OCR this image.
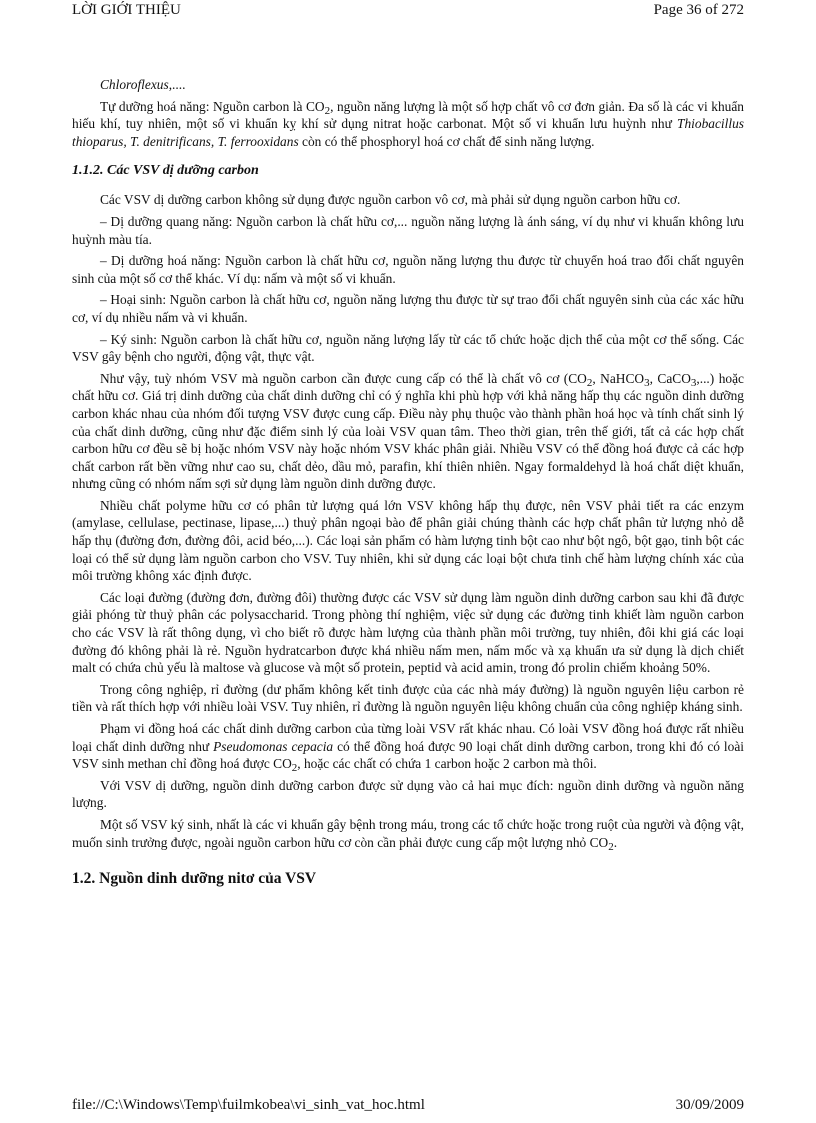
LỜI GIỚI THIỆU	Page 36 of 272

Chloroflexus,....

Tự dưỡng hoá năng: Nguồn carbon là $CO_2$, nguồn năng lượng là một số hợp chất vô cơ đơn giản. Đa số là các vi khuẩn hiếu khí, tuy nhiên, một số vi khuẩn kỵ khí sử dụng nitrat hoặc carbonat. Một số vi khuẩn lưu huỳnh như Thiobacillus thioparus, T. denitrificans, T. ferrooxidans còn có thể phosphoryl hoá cơ chất để sinh năng lượng.

1.1.2. Các VSV dị dưỡng carbon

Các VSV dị dưỡng carbon không sử dụng được nguồn carbon vô cơ, mà phải sử dụng nguồn carbon hữu cơ.

– Dị dưỡng quang năng: Nguồn carbon là chất hữu cơ,... nguồn năng lượng là ánh sáng, ví dụ như vi khuẩn không lưu huỳnh màu tía.

– Dị dưỡng hoá năng: Nguồn carbon là chất hữu cơ, nguồn năng lượng thu được từ chuyển hoá trao đổi chất nguyên sinh của một số cơ thể khác. Ví dụ: nấm và một số vi khuẩn.

– Hoại sinh: Nguồn carbon là chất hữu cơ, nguồn năng lượng thu được từ sự trao đổi chất nguyên sinh của các xác hữu cơ, ví dụ nhiều nấm và vi khuẩn.

– Ký sinh: Nguồn carbon là chất hữu cơ, nguồn năng lượng lấy từ các tổ chức hoặc dịch thể của một cơ thể sống. Các VSV gây bệnh cho người, động vật, thực vật.

Như vậy, tuỳ nhóm VSV mà nguồn carbon cần được cung cấp có thể là chất vô cơ ($CO_2$, NaHCO$_3$, CaCO$_3$,...) hoặc chất hữu cơ. Giá trị dinh dưỡng của chất dinh dưỡng chỉ có ý nghĩa khi phù hợp với khả năng hấp thụ các nguồn dinh dưỡng carbon khác nhau của nhóm đối tượng VSV được cung cấp. Điều này phụ thuộc vào thành phần hoá học và tính chất sinh lý của chất dinh dưỡng, cũng như đặc điểm sinh lý của loài VSV quan tâm. Theo thời gian, trên thế giới, tất cả các hợp chất carbon hữu cơ đều sẽ bị hoặc nhóm VSV này hoặc nhóm VSV khác phân giải. Nhiều VSV có thể đồng hoá được cả các hợp chất carbon rất bền vững như cao su, chất dẻo, dầu mỏ, parafin, khí thiên nhiên. Ngay formaldehyd là hoá chất diệt khuẩn, nhưng cũng có nhóm nấm sợi sử dụng làm nguồn dinh dưỡng được.

Nhiều chất polyme hữu cơ có phân tử lượng quá lớn VSV không hấp thụ được, nên VSV phải tiết ra các enzym (amylase, cellulase, pectinase, lipase,...) thuỷ phân ngoại bào để phân giải chúng thành các hợp chất phân tử lượng nhỏ dễ hấp thụ (đường đơn, đường đôi, acid béo,...). Các loại sản phẩm có hàm lượng tinh bột cao như bột ngô, bột gạo, tinh bột các loại có thể sử dụng làm nguồn carbon cho VSV. Tuy nhiên, khi sử dụng các loại bột chưa tinh chế hàm lượng chính xác của môi trường không xác định được.

Các loại đường (đường đơn, đường đôi) thường được các VSV sử dụng làm nguồn dinh dưỡng carbon sau khi đã được giải phóng từ thuỷ phân các polysaccharid. Trong phòng thí nghiệm, việc sử dụng các đường tinh khiết làm nguồn carbon cho các VSV là rất thông dụng, vì cho biết rõ được hàm lượng của thành phần môi trường, tuy nhiên, đôi khi giá các loại đường đó không phải là rẻ. Nguồn hydratcarbon được khá nhiều nấm men, nấm mốc và xạ khuẩn ưa sử dụng là dịch chiết malt có chứa chủ yếu là maltose và glucose và một số protein, peptid và acid amin, trong đó prolin chiếm khoảng 50%.

Trong công nghiệp, rỉ đường (dư phẩm không kết tinh được của các nhà máy đường) là nguồn nguyên liệu carbon rẻ tiền và rất thích hợp với nhiều loài VSV. Tuy nhiên, rỉ đường là nguồn nguyên liệu không chuẩn của công nghiệp kháng sinh.

Phạm vi đồng hoá các chất dinh dưỡng carbon của từng loài VSV rất khác nhau. Có loài VSV đồng hoá được rất nhiều loại chất dinh dưỡng như Pseudomonas cepacia có thể đồng hoá được 90 loại chất dinh dưỡng carbon, trong khi đó có loài VSV sinh methan chỉ đồng hoá được $CO_2$, hoặc các chất có chứa 1 carbon hoặc 2 carbon mà thôi.

Với VSV dị dưỡng, nguồn dinh dưỡng carbon được sử dụng vào cả hai mục đích: nguồn dinh dưỡng và nguồn năng lượng.

Một số VSV ký sinh, nhất là các vi khuẩn gây bệnh trong máu, trong các tổ chức hoặc trong ruột của người và động vật, muốn sinh trưởng được, ngoài nguồn carbon hữu cơ còn cần phải được cung cấp một lượng nhỏ $CO_2$.

1.2. Nguồn dinh dưỡng nitơ của VSV
file://C:\Windows\Temp\fuilmkobea\vi_sinh_vat_hoc.html	30/09/2009
